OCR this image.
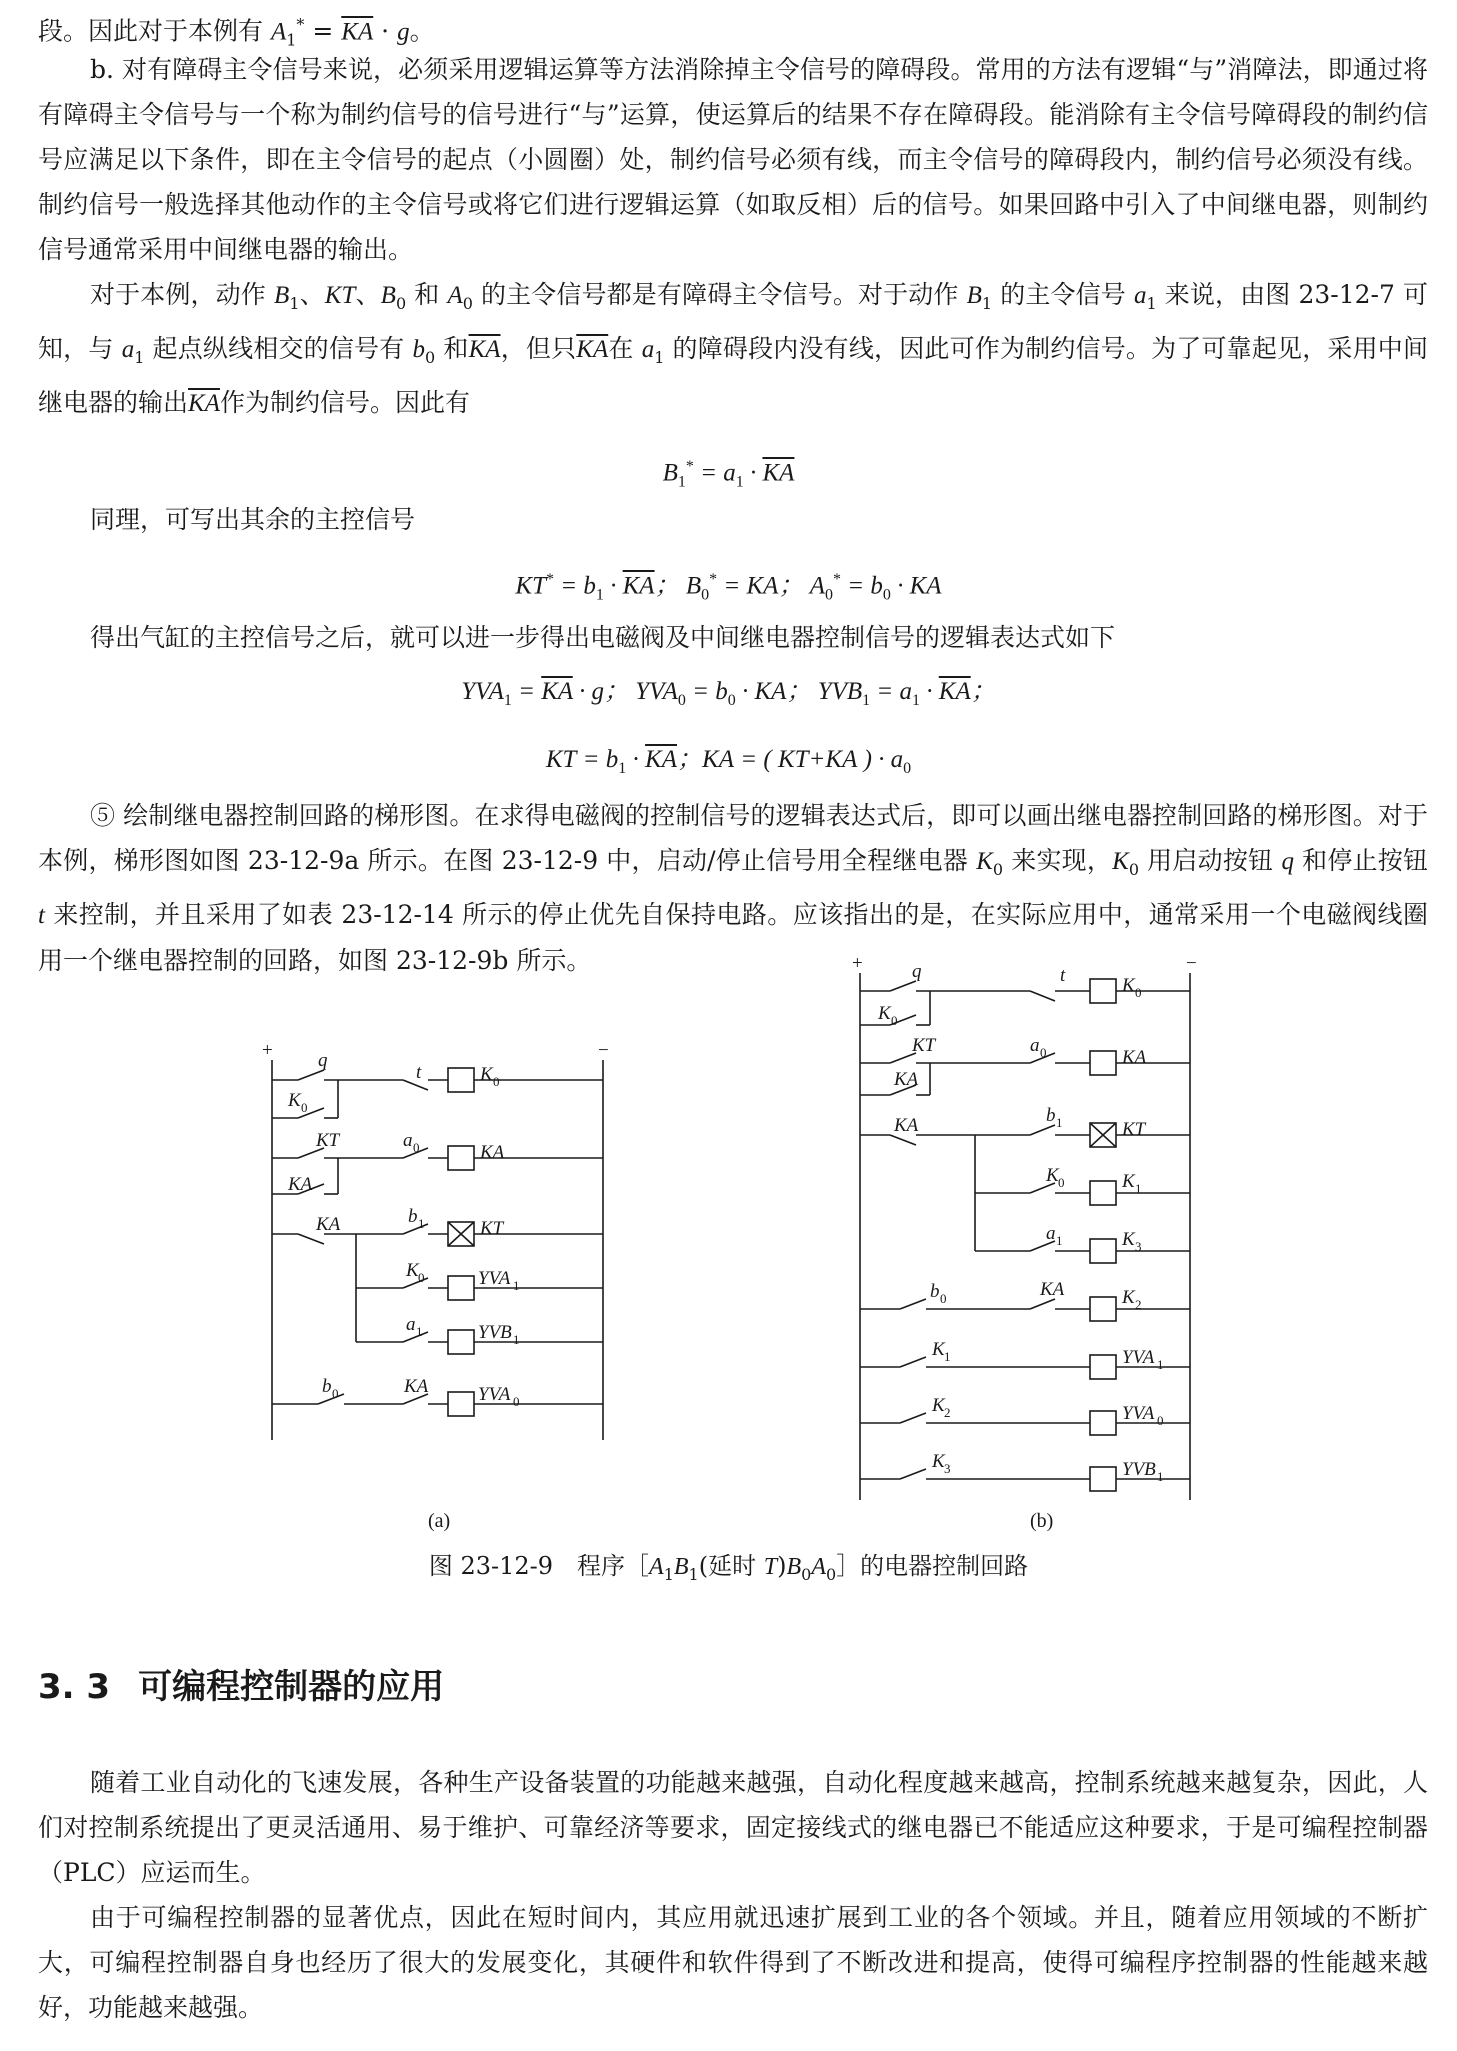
段。因此对于本例有 $A_1^* = \overline{KA} \cdot g$。

b. 对有障碍主令信号来说，必须采用逻辑运算等方法消除掉主令信号的障碍段。常用的方法有逻辑“与”消障法，即通过将有障碍主令信号与一个称为制约信号的信号进行“与”运算，使运算后的结果不存在障碍段。能消除有主令信号障碍段的制约信号应满足以下条件，即在主令信号的起点（小圆圈）处，制约信号必须有线，而主令信号的障碍段内，制约信号必须没有线。制约信号一般选择其他动作的主令信号或将它们进行逻辑运算（如取反相）后的信号。如果回路中引入了中间继电器，则制约信号通常采用中间继电器的输出。

对于本例，动作 $B_1$、KT、$B_0$ 和 $A_0$ 的主令信号都是有障碍主令信号。对于动作 $B_1$ 的主令信号 $a_1$ 来说，由图 23-12-7 可知，与 $a_1$ 起点纵线相交的信号有 $b_0$ 和$\overline{KA}$，但只$\overline{KA}$在 $a_1$ 的障碍段内没有线，因此可作为制约信号。为了可靠起见，采用中间继电器的输出$\overline{KA}$作为制约信号。因此有

$B_1^* = a_1 \cdot \overline{KA}$

同理，可写出其余的主控信号

$KT^* = b_1 \cdot \overline{KA}$； $B_0^*$ = KA； $A_0^* = b_0$ · KA

得出气缸的主控信号之后，就可以进一步得出电磁阀及中间继电器控制信号的逻辑表达式如下

$YVA_1 = \overline{KA} \cdot g$； $YVA_0 = b_0$ · KA； $YVB_1 = a_1 \cdot \overline{KA}$；
KT = $b_1 \cdot \overline{KA}$；KA = ( KT+KA ) · $a_0$

⑤ 绘制继电器控制回路的梯形图。在求得电磁阀的控制信号的逻辑表达式后，即可以画出继电器控制回路的梯形图。对于本例，梯形图如图 23-12-9a 所示。在图 23-12-9 中，启动/停止信号用全程继电器 $K_0$ 来实现，$K_0$ 用启动按钮 q 和停止按钮 t 来控制，并且采用了如表 23-12-14 所示的停止优先自保持电路。应该指出的是，在实际应用中，通常采用一个电磁阀线圈用一个继电器控制的回路，如图 23-12-9b 所示。

+	−
q
t	K 0
K 0
KT
KA
a 0	KA
KA	b 1	KT
K 0	YVA 1
a 1	YVB 1
b 0	KA	YVA 0
(a)
+	−
q	t	K 0
K 0
KT
KA
a 0	KA
KA	b 1	KT
K 0	K 1
a 1	K 3
b 0	KA	K 2
K 1	YVA 1
K 2	YVA 0
K 3	YVB 1
(b)
图 23-12-9　程序$[A_1B_1$(延时 $T)B_0A_0]$的电器控制回路
3. 3 可编程控制器的应用

随着工业自动化的飞速发展，各种生产设备装置的功能越来越强，自动化程度越来越高，控制系统越来越复杂，因此，人们对控制系统提出了更灵活通用、易于维护、可靠经济等要求，固定接线式的继电器已不能适应这种要求，于是可编程控制器（PLC）应运而生。

由于可编程控制器的显著优点，因此在短时间内，其应用就迅速扩展到工业的各个领域。并且，随着应用领域的不断扩大，可编程控制器自身也经历了很大的发展变化，其硬件和软件得到了不断改进和提高，使得可编程序控制器的性能越来越好，功能越来越强。
